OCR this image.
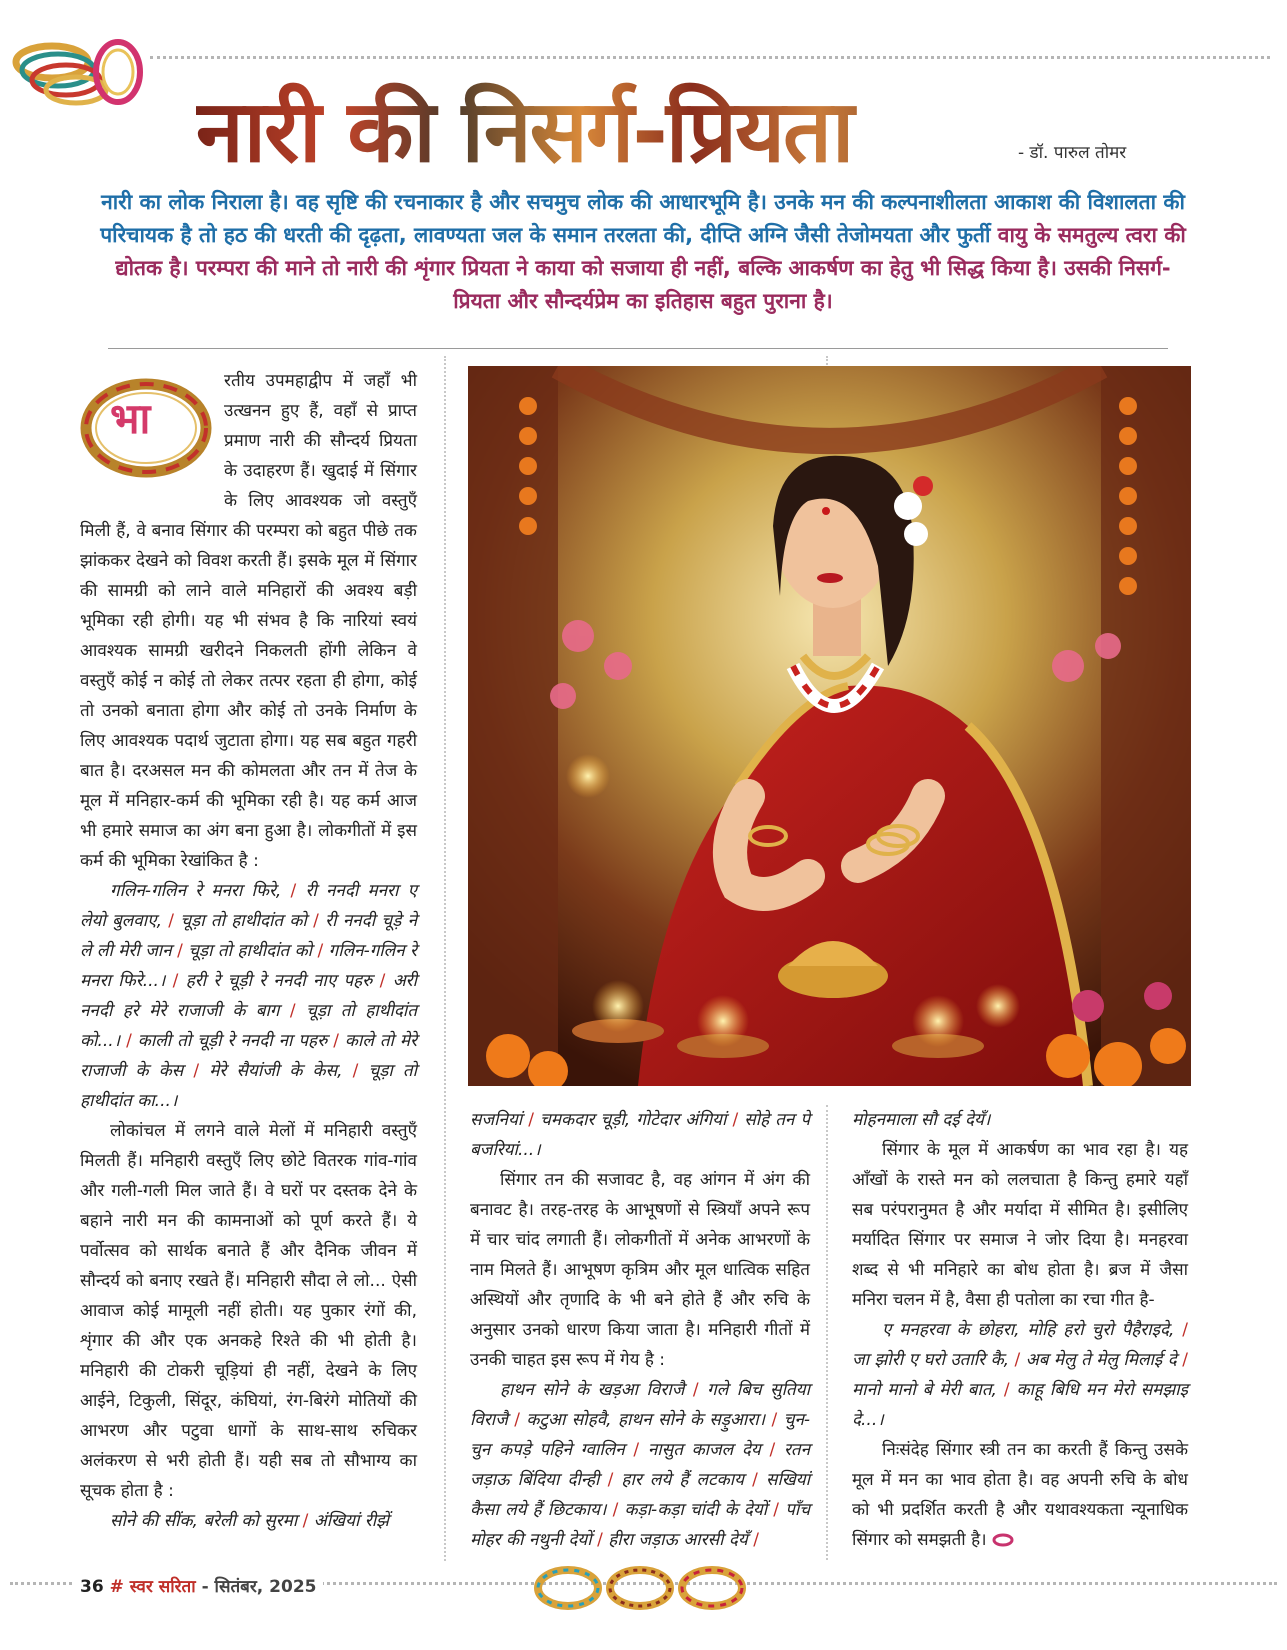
नारी की निसर्ग-प्रियता	- डॉ. पारुल तोमर
नारी का लोक निराला है। वह सृष्टि की रचनाकार है और सचमुच लोक की आधारभूमि है। उनके मन की कल्पनाशीलता आकाश की विशालता की परिचायक है तो हठ की धरती की दृढ़ता, लावण्यता जल के समान तरलता की, दीप्ति अग्नि जैसी तेजोमयता और फुर्ती वायु के समतुल्य त्वरा की द्योतक है। परम्परा की माने तो नारी की शृंगार प्रियता ने काया को सजाया ही नहीं, बल्कि आकर्षण का हेतु भी सिद्ध किया है। उसकी निसर्ग-प्रियता और सौन्दर्यप्रेम का इतिहास बहुत पुराना है।
भा

रतीय उपमहाद्वीप में जहाँ भी उत्खनन हुए हैं, वहाँ से प्राप्त प्रमाण नारी की सौन्दर्य प्रियता के उदाहरण हैं। खुदाई में सिंगार के लिए आवश्यक जो वस्तुएँ मिली हैं, वे बनाव सिंगार की परम्परा को बहुत पीछे तक झांककर देखने को विवश करती हैं। इसके मूल में सिंगार की सामग्री को लाने वाले मनिहारों की अवश्य बड़ी भूमिका रही होगी। यह भी संभव है कि नारियां स्वयं आवश्यक सामग्री खरीदने निकलती होंगी लेकिन वे वस्तुएँ कोई न कोई तो लेकर तत्पर रहता ही होगा, कोई तो उनको बनाता होगा और कोई तो उनके निर्माण के लिए आवश्यक पदार्थ जुटाता होगा। यह सब बहुत गहरी बात है। दरअसल मन की कोमलता और तन में तेज के मूल में मनिहार-कर्म की भूमिका रही है। यह कर्म आज भी हमारे समाज का अंग बना हुआ है। लोकगीतों में इस कर्म की भूमिका रेखांकित है :

गलिन-गलिन रे मनरा फिरे, / री ननदी मनरा ए लेयो बुलवाए, / चूड़ा तो हाथीदांत को / री ननदी चूड़े ने ले ली मेरी जान / चूड़ा तो हाथीदांत को / गलिन-गलिन रे मनरा फिरे...। / हरी रे चूड़ी रे ननदी नाए पहरु / अरी ननदी हरे मेरे राजाजी के बाग / चूड़ा तो हाथीदांत को...। / काली तो चूड़ी रे ननदी ना पहरु / काले तो मेरे राजाजी के केस / मेरे सैयांजी के केस, / चूड़ा तो हाथीदांत का...।

लोकांचल में लगने वाले मेलों में मनिहारी वस्तुएँ मिलती हैं। मनिहारी वस्तुएँ लिए छोटे वितरक गांव-गांव और गली-गली मिल जाते हैं। वे घरों पर दस्तक देने के बहाने नारी मन की कामनाओं को पूर्ण करते हैं। ये पर्वोत्सव को सार्थक बनाते हैं और दैनिक जीवन में सौन्दर्य को बनाए रखते हैं। मनिहारी सौदा ले लो... ऐसी आवाज कोई मामूली नहीं होती। यह पुकार रंगों की, शृंगार की और एक अनकहे रिश्ते की भी होती है। मनिहारी की टोकरी चूड़ियां ही नहीं, देखने के लिए आईने, टिकुली, सिंदूर, कंघियां, रंग-बिरंगे मोतियों की आभरण और पटुवा धागों के साथ-साथ रुचिकर अलंकरण से भरी होती हैं। यही सब तो सौभाग्य का सूचक होता है :

सोने की सींक, बरेली को सुरमा / अंखियां रीझें

सजनियां / चमकदार चूड़ी, गोटेदार अंगियां / सोहे तन पे बजरियां...।

सिंगार तन की सजावट है, वह आंगन में अंग की बनावट है। तरह-तरह के आभूषणों से स्त्रियाँ अपने रूप में चार चांद लगाती हैं। लोकगीतों में अनेक आभरणों के नाम मिलते हैं। आभूषण कृत्रिम और मूल धात्विक सहित अस्थियों और तृणादि के भी बने होते हैं और रुचि के अनुसार उनको धारण किया जाता है। मनिहारी गीतों में उनकी चाहत इस रूप में गेय है :

हाथन सोने के खड़आ विराजै / गले बिच सुतिया विराजै / कटुआ सोहवै, हाथन सोने के सड़ुआरा। / चुन-चुन कपड़े पहिने ग्वालिन / नासुत काजल देय / रतन जड़ाऊ बिंदिया दीन्ही / हार लये हैं लटकाय / सखियां कैसा लये हैं छिटकाय। / कड़ा-कड़ा चांदी के देयों / पाँच मोहर की नथुनी देयों / हीरा जड़ाऊ आरसी देयँ /

मोहनमाला सौ दई देयँ।

सिंगार के मूल में आकर्षण का भाव रहा है। यह आँखों के रास्ते मन को ललचाता है किन्तु हमारे यहाँ सब परंपरानुमत है और मर्यादा में सीमित है। इसीलिए मर्यादित सिंगार पर समाज ने जोर दिया है। मनहरवा शब्द से भी मनिहारे का बोध होता है। ब्रज में जैसा मनिरा चलन में है, वैसा ही पतोला का रचा गीत है-

ए मनहरवा के छोहरा, मोहि हरो चुरो पैहैराइदे, / जा झोरी ए घरो उतारि कै, / अब मेलु ते मेलु मिलाई दे / मानो मानो बे मेरी बात, / काहू बिधि मन मेरो समझाइ दे...।

निःसंदेह सिंगार स्त्री तन का करती हैं किन्तु उसके मूल में मन का भाव होता है। वह अपनी रुचि के बोध को भी प्रदर्शित करती है और यथावश्यकता न्यूनाधिक सिंगार को समझती है।

36 # स्वर सरिता - सितंबर, 2025
